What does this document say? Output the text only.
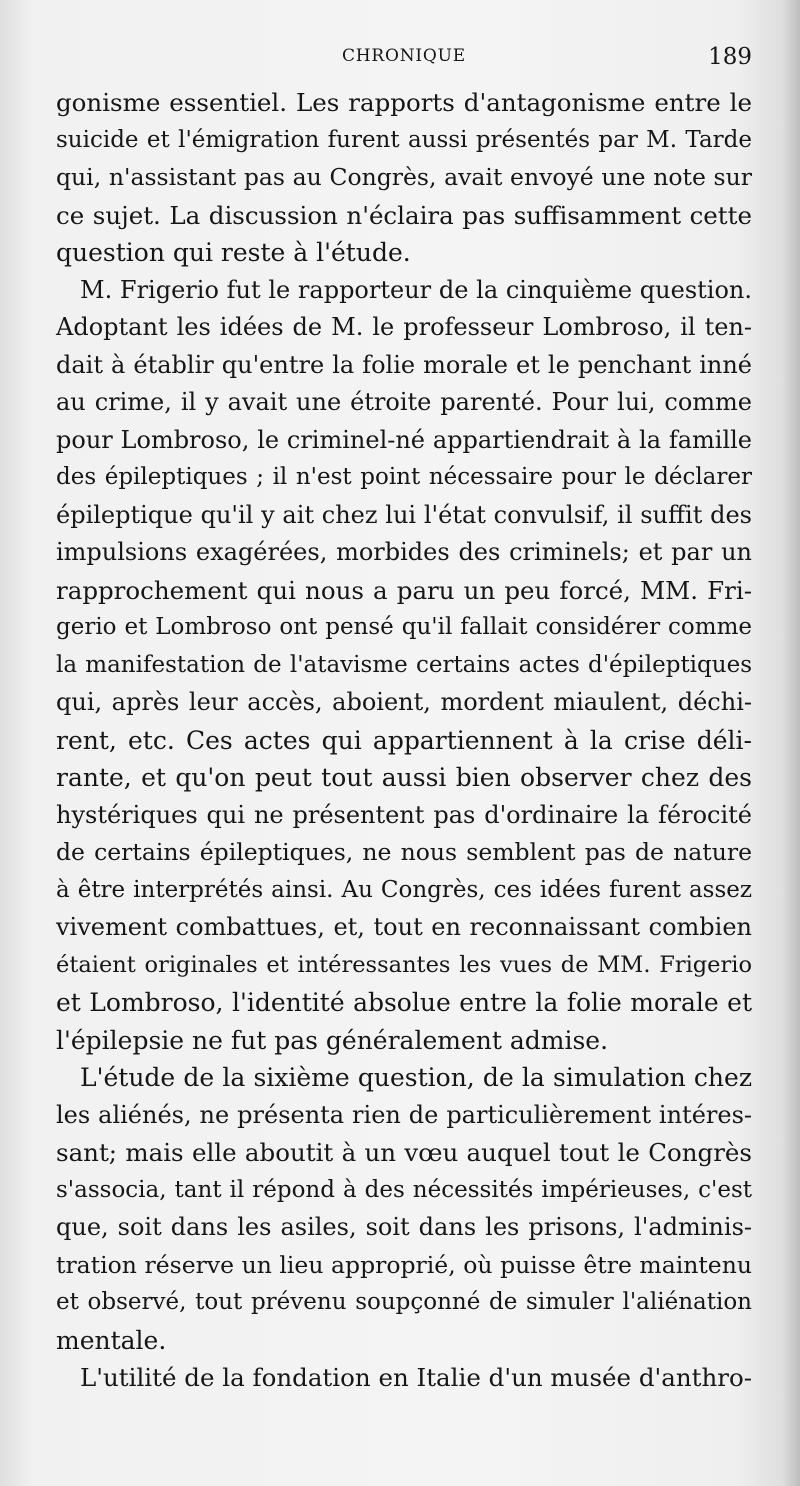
CHRONIQUE	189

gonisme essentiel. Les rapports d'antagonisme entre le

suicide et l'émigration furent aussi présentés par M. Tarde

qui, n'assistant pas au Congrès, avait envoyé une note sur

ce sujet. La discussion n'éclaira pas suffisamment cette

question qui reste à l'étude.

M. Frigerio fut le rapporteur de la cinquième question.

Adoptant les idées de M. le professeur Lombroso, il ten-

dait à établir qu'entre la folie morale et le penchant inné

au crime, il y avait une étroite parenté. Pour lui, comme

pour Lombroso, le criminel-né appartiendrait à la famille

des épileptiques ; il n'est point nécessaire pour le déclarer

épileptique qu'il y ait chez lui l'état convulsif, il suffit des

impulsions exagérées, morbides des criminels; et par un

rapprochement qui nous a paru un peu forcé, MM. Fri-

gerio et Lombroso ont pensé qu'il fallait considérer comme

la manifestation de l'atavisme certains actes d'épileptiques

qui, après leur accès, aboient, mordent miaulent, déchi-

rent, etc. Ces actes qui appartiennent à la crise déli-

rante, et qu'on peut tout aussi bien observer chez des

hystériques qui ne présentent pas d'ordinaire la férocité

de certains épileptiques, ne nous semblent pas de nature

à être interprétés ainsi. Au Congrès, ces idées furent assez

vivement combattues, et, tout en reconnaissant combien

étaient originales et intéressantes les vues de MM. Frigerio

et Lombroso, l'identité absolue entre la folie morale et

l'épilepsie ne fut pas généralement admise.

L'étude de la sixième question, de la simulation chez

les aliénés, ne présenta rien de particulièrement intéres-

sant; mais elle aboutit à un vœu auquel tout le Congrès

s'associa, tant il répond à des nécessités impérieuses, c'est

que, soit dans les asiles, soit dans les prisons, l'adminis-

tration réserve un lieu approprié, où puisse être maintenu

et observé, tout prévenu soupçonné de simuler l'aliénation

mentale.

L'utilité de la fondation en Italie d'un musée d'anthro-
